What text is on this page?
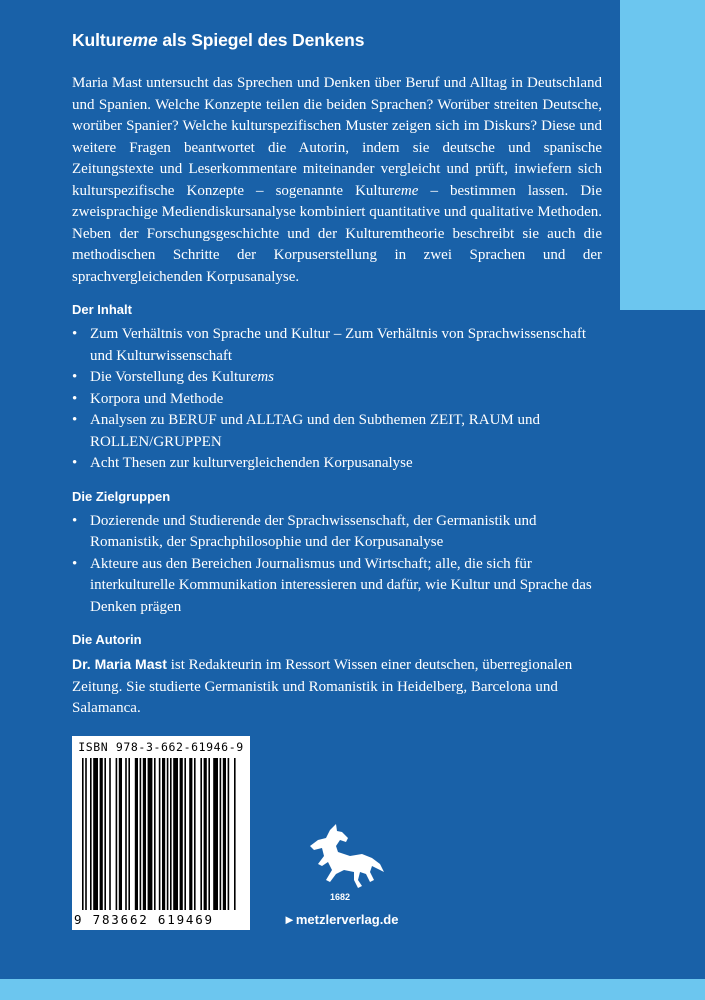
Kultureme als Spiegel des Denkens

Maria Mast untersucht das Sprechen und Denken über Beruf und Alltag in Deutschland und Spanien. Welche Konzepte teilen die beiden Sprachen? Worüber streiten Deutsche, worüber Spanier? Welche kulturspezifischen Muster zeigen sich im Diskurs? Diese und weitere Fragen beantwortet die Autorin, indem sie deutsche und spanische Zeitungstexte und Leserkommentare miteinander vergleicht und prüft, inwiefern sich kulturspezifische Konzepte – sogenannte Kultureme – bestimmen lassen. Die zweisprachige Mediendiskursanalyse kombiniert quantitative und qualitative Methoden. Neben der Forschungsgeschichte und der Kulturemtheorie beschreibt sie auch die methodischen Schritte der Korpuserstellung in zwei Sprachen und der sprachvergleichenden Korpusanalyse.

Der Inhalt
• Zum Verhältnis von Sprache und Kultur – Zum Verhältnis von Sprachwissenschaft und Kulturwissenschaft
• Die Vorstellung des Kulturems
• Korpora und Methode
• Analysen zu BERUF und ALLTAG und den Subthemen ZEIT, RAUM und ROLLEN/GRUPPEN
• Acht Thesen zur kulturvergleichenden Korpusanalyse
Die Zielgruppen
• Dozierende und Studierende der Sprachwissenschaft, der Germanistik und Romanistik, der Sprachphilosophie und der Korpusanalyse
• Akteure aus den Bereichen Journalismus und Wirtschaft; alle, die sich für interkulturelle Kommunikation interessieren und dafür, wie Kultur und Sprache das Denken prägen
Die Autorin

Dr. Maria Mast ist Redakteurin im Ressort Wissen einer deutschen, überregionalen Zeitung. Sie studierte Germanistik und Romanistik in Heidelberg, Barcelona und Salamanca.

ISBN 978-3-662-61946-9
9 783662 619469
1682
►metzlerverlag.de
